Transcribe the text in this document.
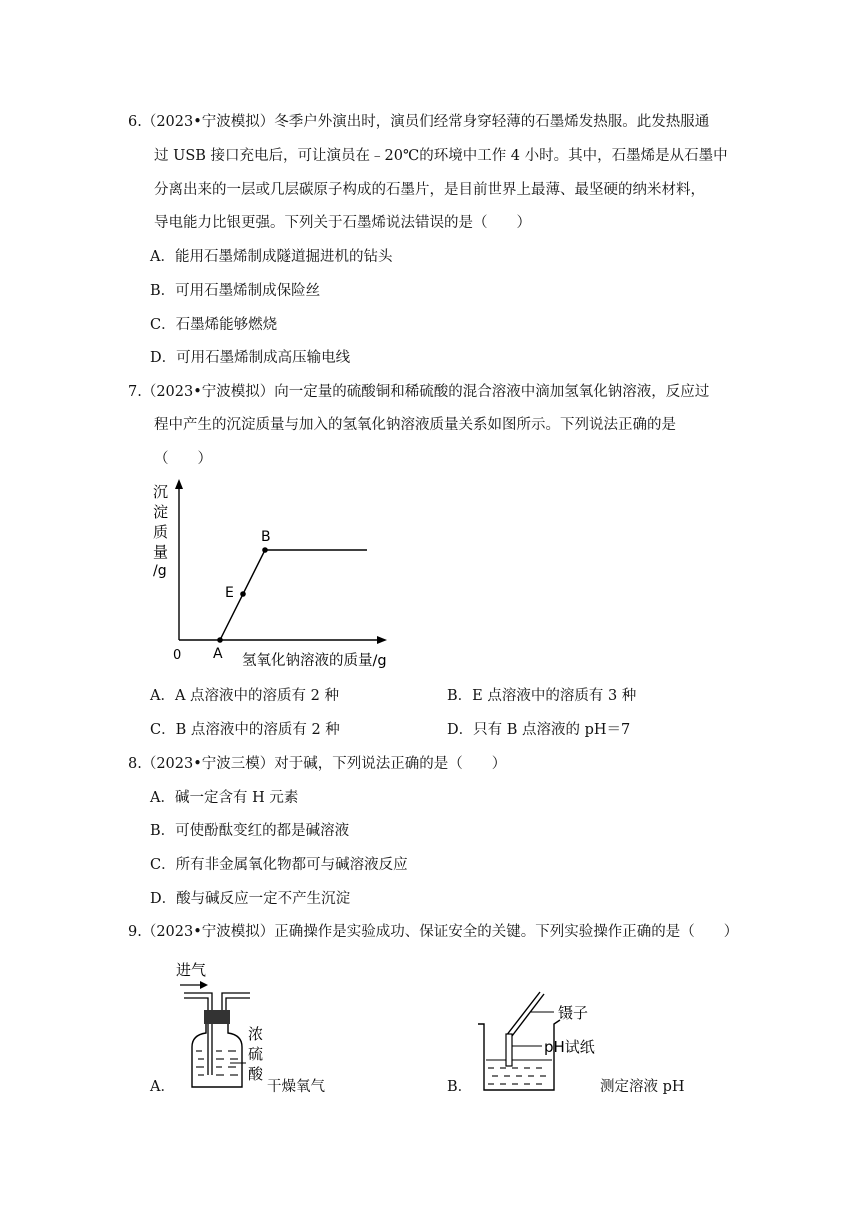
6.（2023•宁波模拟）冬季户外演出时，演员们经常身穿轻薄的石墨烯发热服。此发热服通
过 USB 接口充电后，可让演员在﹣20℃的环境中工作 4 小时。其中，石墨烯是从石墨中
分离出来的一层或几层碳原子构成的石墨片，是目前世界上最薄、最坚硬的纳米材料，
导电能力比银更强。下列关于石墨烯说法错误的是（　　）
A．能用石墨烯制成隧道掘进机的钻头
B．可用石墨烯制成保险丝
C．石墨烯能够燃烧
D．可用石墨烯制成高压输电线
7.（2023•宁波模拟）向一定量的硫酸铜和稀硫酸的混合溶液中滴加氢氧化钠溶液，反应过
程中产生的沉淀质量与加入的氢氧化钠溶液质量关系如图所示。下列说法正确的是
（　　）
沉
淀
质
量
/g
0 A
E
B
氢氧化钠溶液的质量/g
A．A 点溶液中的溶质有 2 种	B．E 点溶液中的溶质有 3 种
C．B 点溶液中的溶质有 2 种	D．只有 B 点溶液的 pH＝7
8.（2023•宁波三模）对于碱，下列说法正确的是（　　）
A．碱一定含有 H 元素
B．可使酚酞变红的都是碱溶液
C．所有非金属氧化物都可与碱溶液反应
D．酸与碱反应一定不产生沉淀
9.（2023•宁波模拟）正确操作是实验成功、保证安全的关键。下列实验操作正确的是（　　）
A．
进气
浓
硫
酸
干燥氧气	B．
镊子
pH试纸
测定溶液 pH
